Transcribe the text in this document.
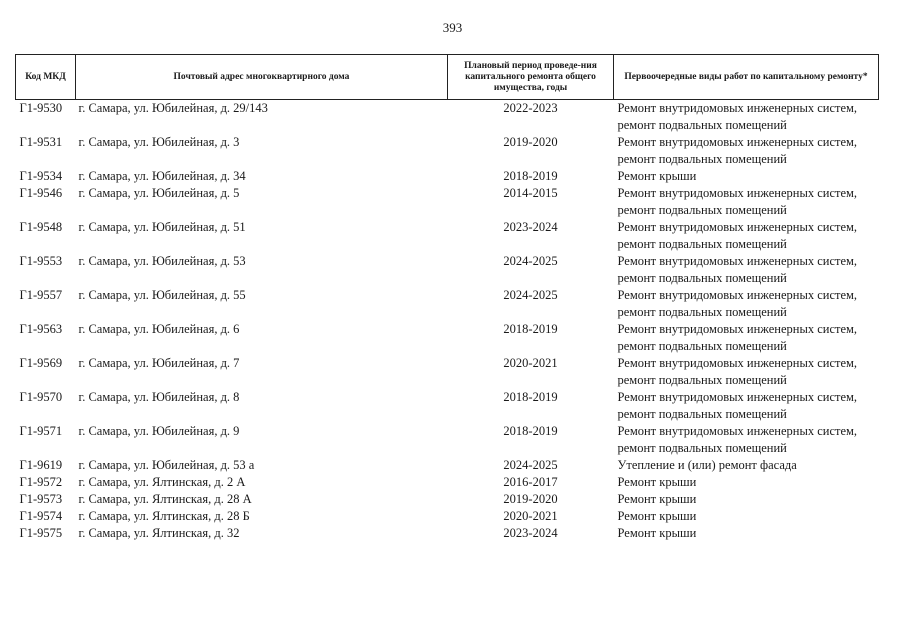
393
Код МКД	Почтовый адрес многоквартирного дома	Плановый период проведе-ния капитального ремонта общего имущества, годы	Первоочередные виды работ по капитальному ремонту*
Г1-9530	г. Самара, ул. Юбилейная, д. 29/143	2022-2023	Ремонт внутридомовых инженерных систем, ремонт подвальных помещений
Г1-9531	г. Самара, ул. Юбилейная, д. 3	2019-2020	Ремонт внутридомовых инженерных систем, ремонт подвальных помещений
Г1-9534	г. Самара, ул. Юбилейная, д. 34	2018-2019	Ремонт крыши
Г1-9546	г. Самара, ул. Юбилейная, д. 5	2014-2015	Ремонт внутридомовых инженерных систем, ремонт подвальных помещений
Г1-9548	г. Самара, ул. Юбилейная, д. 51	2023-2024	Ремонт внутридомовых инженерных систем, ремонт подвальных помещений
Г1-9553	г. Самара, ул. Юбилейная, д. 53	2024-2025	Ремонт внутридомовых инженерных систем, ремонт подвальных помещений
Г1-9557	г. Самара, ул. Юбилейная, д. 55	2024-2025	Ремонт внутридомовых инженерных систем, ремонт подвальных помещений
Г1-9563	г. Самара, ул. Юбилейная, д. 6	2018-2019	Ремонт внутридомовых инженерных систем, ремонт подвальных помещений
Г1-9569	г. Самара, ул. Юбилейная, д. 7	2020-2021	Ремонт внутридомовых инженерных систем, ремонт подвальных помещений
Г1-9570	г. Самара, ул. Юбилейная, д. 8	2018-2019	Ремонт внутридомовых инженерных систем, ремонт подвальных помещений
Г1-9571	г. Самара, ул. Юбилейная, д. 9	2018-2019	Ремонт внутридомовых инженерных систем, ремонт подвальных помещений
Г1-9619	г. Самара, ул. Юбилейная, д. 53 а	2024-2025	Утепление и (или) ремонт фасада
Г1-9572	г. Самара, ул. Ялтинская, д. 2 А	2016-2017	Ремонт крыши
Г1-9573	г. Самара, ул. Ялтинская, д. 28 А	2019-2020	Ремонт крыши
Г1-9574	г. Самара, ул. Ялтинская, д. 28 Б	2020-2021	Ремонт крыши
Г1-9575	г. Самара, ул. Ялтинская, д. 32	2023-2024	Ремонт крыши
